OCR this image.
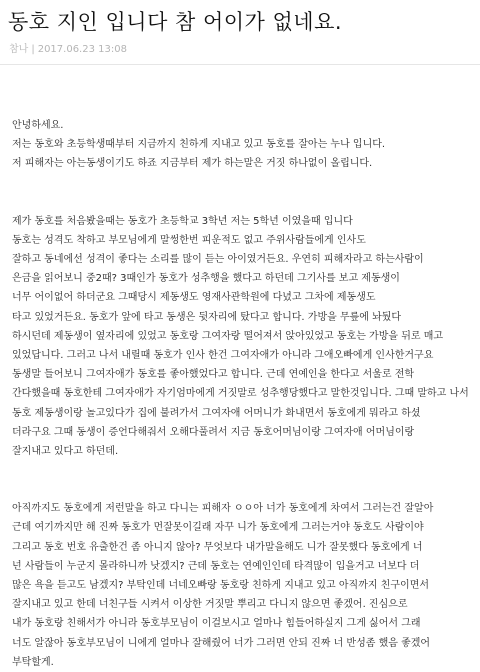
동호 지인 입니다 참 어이가 없네요.
참나 | 2017.06.23 13:08

안녕하세요.

저는 동호와 초등학생때부터 지금까지 친하게 지내고 있고 동호를 잘아는 누나 입니다.

저 피해자는 아는동생이기도 하죠 지금부터 제가 하는말은 거짓 하나없이 올립니다.

제가 동호를 처음봤을때는 동호가 초등학교 3학년 저는 5학년 이였을때 입니다

동호는 성격도 착하고 부모님에게 말썽한번 피운적도 없고 주위사람들에게 인사도

잘하고 동네에선 성격이 좋다는 소리를 많이 듣는 아이였거든요. 우연히 피해자라고 하는사람이

은금을 읽어보니 중2때? 3때인가 동호가 성추행을 했다고 하던데 그기사를 보고 제동생이

너무 어이없어 하더군요 그때당시 제동생도 영재사관학원에 다녔고 그차에 제동생도

타고 있었거든요. 동호가 앞에 타고 동생은 뒷자리에 탔다고 합니다. 가방을 무릎에 놔뒀다

하시던데 제동생이 옆자리에 있었고 동호랑 그여자랑 떨어져서 앉아있었고 동호는 가방을 뒤로 매고

있었답니다. 그러고 나서 내릴때 동호가 인사 한건 그여자애가 아니라 그애오빠에게 인사한거구요

동생말 들어보니 그여자애가 동호를 좋아했었다고 합니다. 근데 연예인을 한다고 서울로 전학

간다했을때 동호한테 그여자애가 자기엄마에게 거짓말로 성추행당했다고 말한것입니다. 그때 말하고 나서

동호 제동생이랑 놀고있다가 집에 불려가서 그여자애 어머니가 화내면서 동호에게 뭐라고 하셨

더라구요 그때 동생이 증언다해줘서 오해다풀려서 지금 동호어머님이랑 그여자애 어머님이랑

잘지내고 있다고 하던데.

아직까지도 동호에게 저런말을 하고 다니는 피해자 ㅇㅇ아 너가 동호에게 차여서 그러는건 잘알아

근데 여기까지만 해 진짜 동호가 먼잘못이길래 자꾸 니가 동호에게 그러는거야 동호도 사람이야

그리고 동호 번호 유출한건 좀 아니지 않아? 무엇보다 내가말을해도 니가 잘못했다 동호에게 너

넌 사람들이 누군지 몰라하니까 낫겠지? 근데 동호는 연예인인데 타격많이 입을거고 너보다 더

많은 욕을 듣고도 남겠지? 부탁인데 너네오빠랑 동호랑 친하게 지내고 있고 아직까지 친구이면서

잘지내고 있고 한데 너친구들 시켜서 이상한 거짓말 뿌리고 다니지 않으면 좋겠어. 진심으로

내가 동호랑 친해서가 아니라 동호부모님이 이걸보시고 얼마나 힘들어하실지 그게 싫어서 그래

너도 알잖아 동호부모님이 니에게 얼마나 잘해줬어 너가 그러면 안되 진짜 너 반성좀 했음 좋겠어

부탁할게.
